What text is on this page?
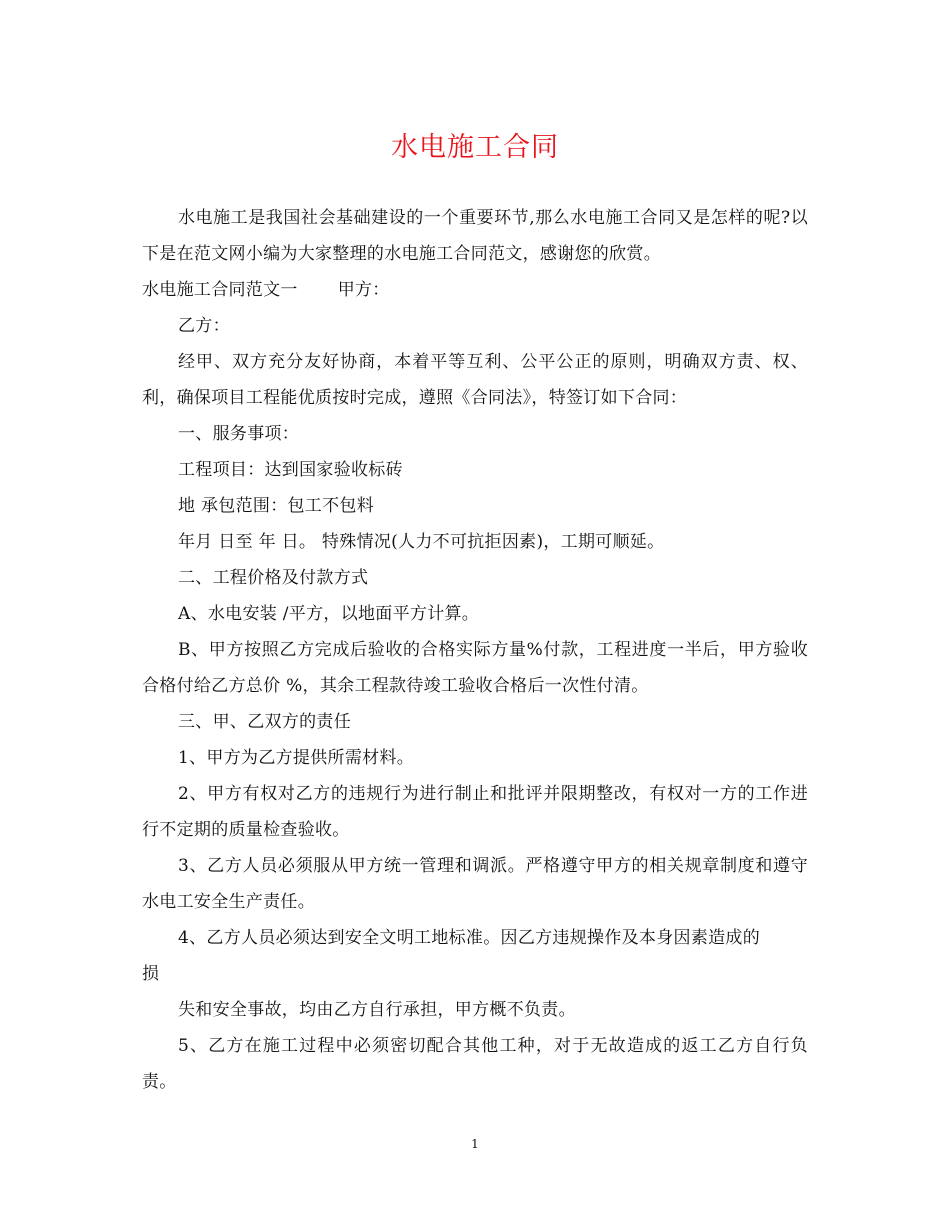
水电施工合同

水电施工是我国社会基础建设的一个重要环节,那么水电施工合同又是怎样的呢?以下是在范文网小编为大家整理的水电施工合同范文，感谢您的欣赏。

水电施工合同范文一 甲方：

乙方：

经甲、双方充分友好协商，本着平等互利、公平公正的原则，明确双方责、权、利，确保项目工程能优质按时完成，遵照《合同法》，特签订如下合同：

一、服务事项：

工程项目：达到国家验收标砖

地 承包范围：包工不包料

年月 日至 年 日。 特殊情况(人力不可抗拒因素)，工期可顺延。

二、工程价格及付款方式

A、水电安装 /平方，以地面平方计算。

B、甲方按照乙方完成后验收的合格实际方量%付款，工程进度一半后，甲方验收合格付给乙方总价 %，其余工程款待竣工验收合格后一次性付清。

三、甲、乙双方的责任

1、甲方为乙方提供所需材料。

2、甲方有权对乙方的违规行为进行制止和批评并限期整改，有权对一方的工作进行不定期的质量检查验收。

3、乙方人员必须服从甲方统一管理和调派。严格遵守甲方的相关规章制度和遵守水电工安全生产责任。

4、乙方人员必须达到安全文明工地标准。因乙方违规操作及本身因素造成的

损

失和安全事故，均由乙方自行承担，甲方概不负责。

5、乙方在施工过程中必须密切配合其他工种，对于无故造成的返工乙方自行负责。

1
